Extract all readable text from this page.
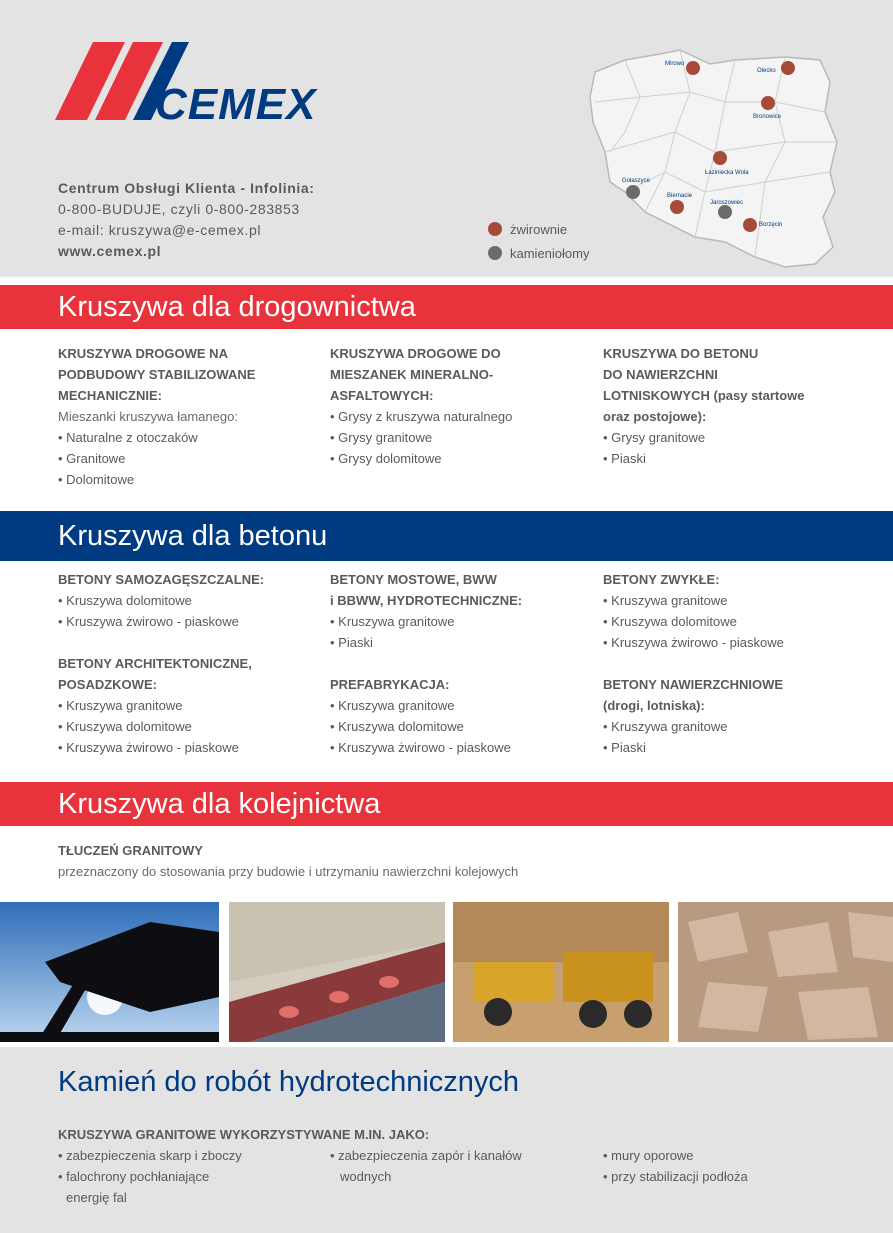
CEMEX
Centrum Obsługi Klienta - Infolinia:
0-800-BUDUJE, czyli 0-800-283853
e-mail: kruszywa@e-cemex.pl
www.cemex.pl
żwirownie
kamieniołomy
Mirowo
Olecko
Bronowice
Łaziniecka Wola
Gołaszyce
Biernacie
Jaroszowiec
Borzęcin
Kruszywa dla drogownictwa
KRUSZYWA DROGOWE NA
PODBUDOWY STABILIZOWANE
MECHANICZNIE:
Mieszanki kruszywa łamanego:
• Naturalne z otoczaków
• Granitowe
• Dolomitowe
KRUSZYWA DROGOWE DO
MIESZANEK MINERALNO-
ASFALTOWYCH:
• Grysy z kruszywa naturalnego
• Grysy granitowe
• Grysy dolomitowe
KRUSZYWA DO BETONU
DO NAWIERZCHNI
LOTNISKOWYCH (pasy startowe
oraz postojowe):
• Grysy granitowe
• Piaski
Kruszywa dla betonu
BETONY SAMOZAGĘSZCZALNE:
• Kruszywa dolomitowe
• Kruszywa żwirowo - piaskowe
BETONY ARCHITEKTONICZNE,
POSADZKOWE:
• Kruszywa granitowe
• Kruszywa dolomitowe
• Kruszywa żwirowo - piaskowe
BETONY MOSTOWE, BWW
i BBWW, HYDROTECHNICZNE:
• Kruszywa granitowe
• Piaski
PREFABRYKACJA:
• Kruszywa granitowe
• Kruszywa dolomitowe
• Kruszywa żwirowo - piaskowe
BETONY ZWYKŁE:
• Kruszywa granitowe
• Kruszywa dolomitowe
• Kruszywa żwirowo - piaskowe
BETONY NAWIERZCHNIOWE
(drogi, lotniska):
• Kruszywa granitowe
• Piaski
Kruszywa dla kolejnictwa
TŁUCZEŃ GRANITOWY
przeznaczony do stosowania przy budowie i utrzymaniu nawierzchni kolejowych
Kamień do robót hydrotechnicznych
KRUSZYWA GRANITOWE WYKORZYSTYWANE M.IN. JAKO:
• zabezpieczenia skarp i zboczy
• falochrony pochłaniające
energię fal
• zabezpieczenia zapór i kanałów
wodnych
• mury oporowe
• przy stabilizacji podłoża
